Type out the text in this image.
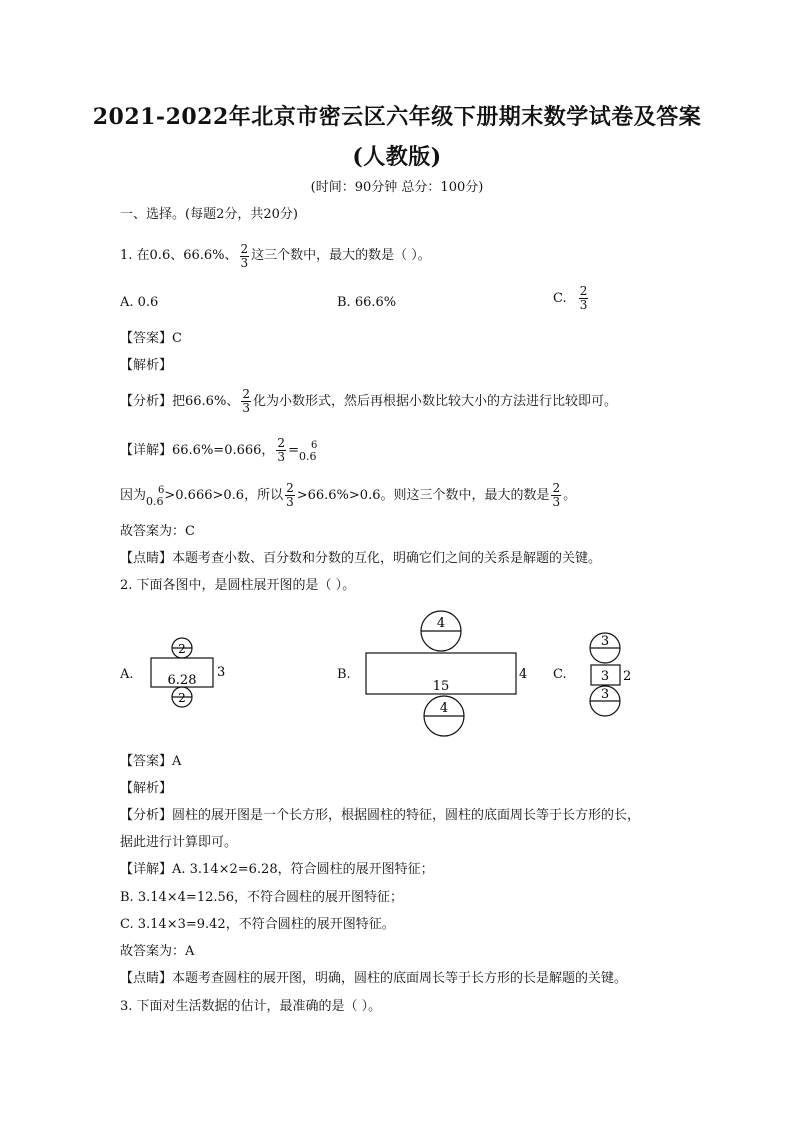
2021-2022年北京市密云区六年级下册期末数学试卷及答案
(人教版)
(时间：90分钟 总分：100分)
一、选择。(每题2分，共20分)
1. 在0.6、66.6%、 $\frac{2}{3}$ 这三个数中，最大的数是（ ）。
A. 0.6	B. 66.6%	C. $\frac{2}{3}$
【答案】C
【解析】
【分析】把66.6%、 $\frac{2}{3}$ 化为小数形式，然后再根据小数比较大小的方法进行比较即可。
【详解】66.6%=0.666， $\frac{2}{3} = 6$
0.6
因为 6
0.6 >0.666>0.6，所以 $\frac{2}{3} >66.6\%>0.6$。则这三个数中，最大的数是 $\frac{2}{3}$ 。
故答案为：C
【点睛】本题考查小数、百分数和分数的互化，明确它们之间的关系是解题的关键。
2. 下面各图中，是圆柱展开图的是（ ）。
A.	B.	C.
2
6.28
3
2
4
15
4
4
3
3 2
3
【答案】A
【解析】
【分析】圆柱的展开图是一个长方形，根据圆柱的特征，圆柱的底面周长等于长方形的长，
据此进行计算即可。
【详解】A. 3.14×2=6.28，符合圆柱的展开图特征；
B. 3.14×4=12.56，不符合圆柱的展开图特征；
C. 3.14×3=9.42，不符合圆柱的展开图特征。
故答案为：A
【点睛】本题考查圆柱的展开图，明确，圆柱的底面周长等于长方形的长是解题的关键。
3. 下面对生活数据的估计，最准确的是（ ）。
